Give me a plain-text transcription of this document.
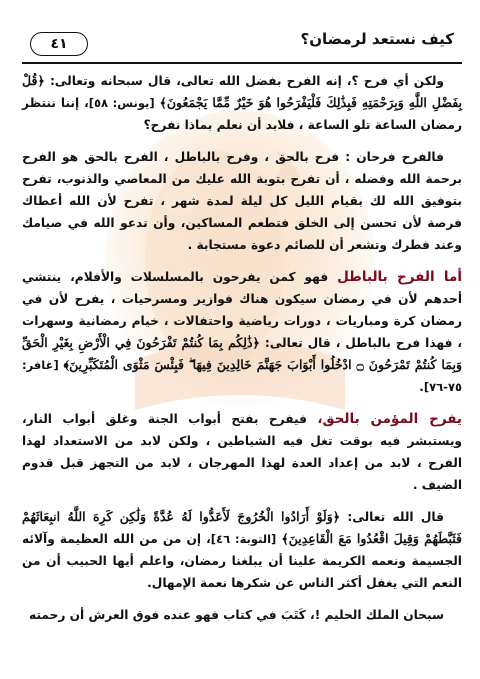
٤١	كيف نستعد لرمضان؟

ولكن أي فرح ؟، إنه الفرح بفضل الله تعالى، قال سبحانه وتعالى: ﴿قُلْ بِفَضْلِ اللَّهِ وَبِرَحْمَتِهِ فَبِذَٰلِكَ فَلْيَفْرَحُوا هُوَ خَيْرٌ مِّمَّا يَجْمَعُونَ﴾ [يونس: ٥٨]، إننا ننتظر رمضان الساعة تلو الساعة ، فلابد أن نعلم بماذا نفرح؟

فالفرح فرحان : فرح بالحق ، وفرح بالباطل ، الفرح بالحق هو الفرح برحمة الله وفضله ، أن تفرح بتوبة الله عليك من المعاصي والذنوب، تفرح بتوفيق الله لك بقيام الليل كل ليلة لمدة شهر ، تفرح لأن الله أعطاك فرصة لأن تحسن إلى الخلق فتطعم المساكين، وأن تدعو الله في صيامك وعند فطرك وتشعر أن للصائم دعوة مستجابة .

أما الفرح بالباطل فهو كمن يفرحون بالمسلسلات والأفلام، ينتشي أحدهم لأن في رمضان سيكون هناك فوازير ومسرحيات ، يفرح لأن في رمضان كرة ومباريات ، دورات رياضية واحتفالات ، خيام رمضانية وسهرات ، فهذا فرح بالباطل ، قال تعالى: ﴿ذَٰلِكُم بِمَا كُنتُمْ تَفْرَحُونَ فِي الْأَرْضِ بِغَيْرِ الْحَقِّ وَبِمَا كُنتُمْ تَمْرَحُونَ ۝ ادْخُلُوا أَبْوَابَ جَهَنَّمَ خَالِدِينَ فِيهَا ۖ فَبِئْسَ مَثْوَى الْمُتَكَبِّرِينَ﴾ [غافر: ٧٥-٧٦].

يفرح المؤمن بالحق، فيفرح بفتح أبواب الجنة وغلق أبواب النار، ويستبشر فيه بوقت تغل فيه الشياطين ، ولكن لابد من الاستعداد لهذا الفرح ، لابد من إعداد العدة لهذا المهرجان ، لابد من التجهز قبل قدوم الضيف .

قال الله تعالى: ﴿وَلَوْ أَرَادُوا الْخُرُوجَ لَأَعَدُّوا لَهُ عُدَّةً وَلَٰكِن كَرِهَ اللَّهُ انبِعَاثَهُمْ فَثَبَّطَهُمْ وَقِيلَ اقْعُدُوا مَعَ الْقَاعِدِينَ﴾ [التوبة: ٤٦]، إن من من الله العظيمة وآلائه الجسيمة ونعمه الكريمة علينا أن يبلغنا رمضان، واعلم أيها الحبيب أن من النعم التي يغفل أكثر الناس عن شكرها نعمة الإمهال.

سبحان الملك الحليم !، كَتَبَ في كتاب فهو عنده فوق العرش أن رحمته
